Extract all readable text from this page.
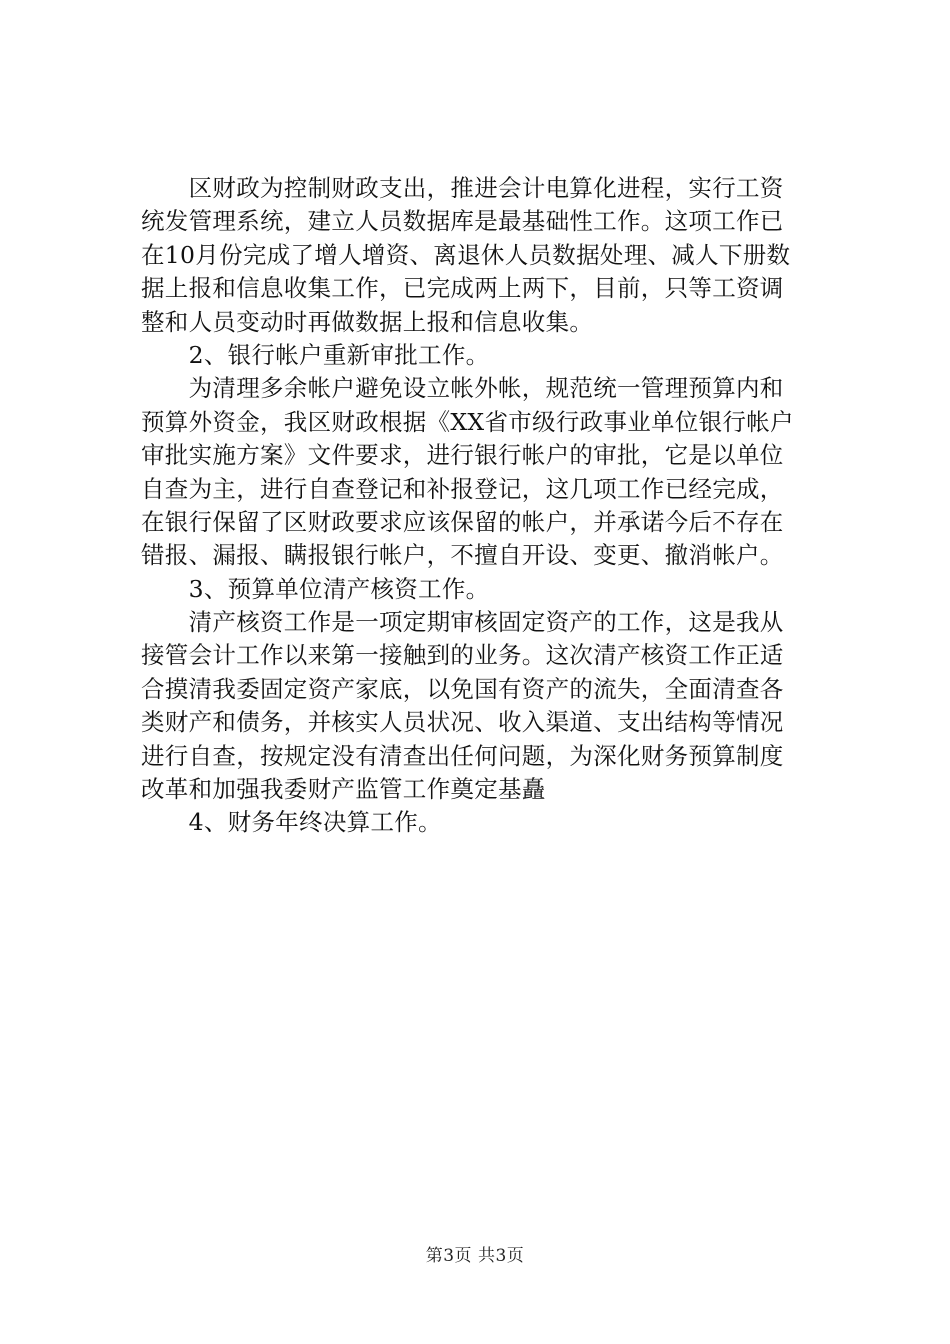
　　区财政为控制财政支出，推进会计电算化进程，实行工资
统发管理系统，建立人员数据库是最基础性工作。这项工作已
在10月份完成了增人增资、离退休人员数据处理、减人下册数
据上报和信息收集工作，已完成两上两下，目前，只等工资调
整和人员变动时再做数据上报和信息收集。
　　2、银行帐户重新审批工作。
　　为清理多余帐户避免设立帐外帐，规范统一管理预算内和
预算外资金，我区财政根据《XX省市级行政事业单位银行帐户
审批实施方案》文件要求，进行银行帐户的审批，它是以单位
自查为主，进行自查登记和补报登记，这几项工作已经完成，
在银行保留了区财政要求应该保留的帐户，并承诺今后不存在
错报、漏报、瞒报银行帐户，不擅自开设、变更、撤消帐户。
　　3、预算单位清产核资工作。
　　清产核资工作是一项定期审核固定资产的工作，这是我从
接管会计工作以来第一接触到的业务。这次清产核资工作正适
合摸清我委固定资产家底，以免国有资产的流失，全面清查各
类财产和债务，并核实人员状况、收入渠道、支出结构等情况
进行自查，按规定没有清查出任何问题，为深化财务预算制度
改革和加强我委财产监管工作奠定基矗
　　4、财务年终决算工作。
第3页 共3页
